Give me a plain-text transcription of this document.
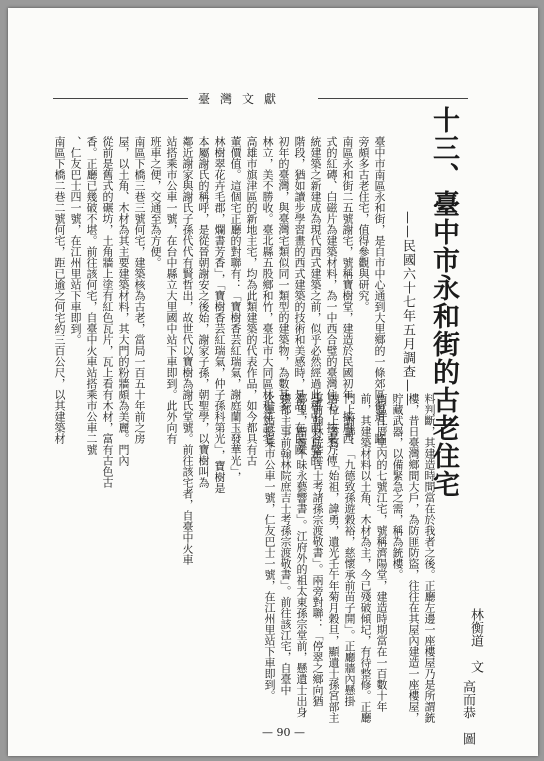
臺灣文獻
十三、臺中市永和街的古老住宅
——民國六十七年五月調查——
林衡道　文
高而恭　圖
臺中市南區永和街，是自市中心通到大里鄉的一條郊區街道，路
旁頗多古老住宅，值得參觀與研究。
南區永和街二五號謝宅，號稱寶樹堂，建造於民國初年，採用西
式的紅磚、白磁片為建築材料，為一中西合璧的臺灣住宅。按東方傳
統建築之新建成為現代西式建築之前，似乎必然經過此種中西合璧的
階段，猶如讀步學習畫的西式建築的技術和美感時，是故，在民國
初年的臺灣，與臺灣宅類似同一類型的建築物，為數甚多。
林立，美不勝收。臺北縣五股鄉和竹，臺北市大同區林和祥記宅，
高雄市旗津區的新地主宅，均為此類建築的代表作品，如今都具有古
董價值。這個宅正廳的對聯有：「寶樹香芸紅瑞氣，謝庭蘭玉發華光」，
林樹翠花卉毛郡，爛書芳香」，「寶樹香芸紅瑞氣，仲子孫科第光」，寶樹是
本屬謝氏的稱呼，是從晉朝謝安之後始，謝家子孫，朝聖學，以寶樹叫為
鄰近謝家與謝氏子孫代代有賢哲出，故世代以寶樹為謝氏堂號。前往該宅者，自臺中火車
站搭乘市公車一號，在台中縣立大里國中站下車即到。此外向有
班車之便，交通至為方便。
南區下橋三巷三號何宅，建築核為古老，當局一百五十年前之房
屋，以土角、木材為其主要建築材料，其大門的粉牆頗為美麗。門內
從前是舊式的碾坊，土角牆上塗有紅色瓦片，瓦上看有木材，富有古色古
香。正廳已幾破不堪。前往該何宅，自臺中火車站搭乘市公車二號
、仁友巴士四一號，在江州里站下車即到。
南區下橋二巷二號何宅，距已逾之何宅約三百公尺，以其建築材
料判斷，其建造時間當在於我者之後。正廳左邊一座樓屋乃是所謂銃
樓，昔日臺灣鄉間大戶，為防匪防盜，往往在其屋內建造一座樓屋，
貯藏武器，以備緊急之需，稱為銃樓。
南區江厝里內的七號江宅，號稱濟陽堂，建造時期當在一百數十年
前，其建築材料以土角、木材為主，今已殘破傾圮，有待整修。正廳
門上對聯：「九德致孫遊穀裕，慈懷承前苗子開」。正廳牆內懸掛
牌位上書寫：「始祖，諱勇，遺光壬午年菊月穀旦，顯遺士孫宮部主
事前翰林院庶吉士考諸孫宗渡敬書」。兩旁對聯：「停翠之鄉向猶
鄰里，精靈不昧永藝響書」。江府外的祖太東孫宗堂前，懸遺士出身
禮部主事前翰林院庶吉士考孫宗渡敬書」。前往該江宅，自臺中
火車站搭乘市公車一號，仁友巴士一號，在江州里站下車即到。
— 90 —
